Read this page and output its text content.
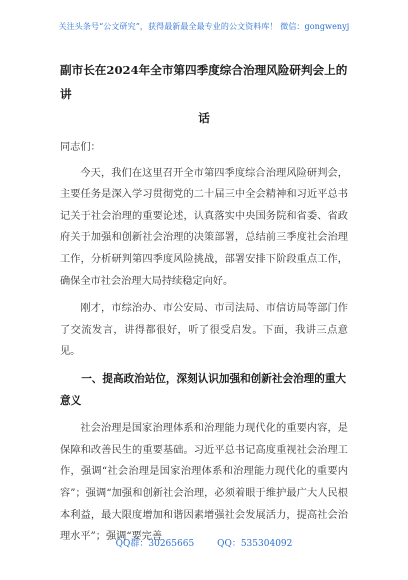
关注头条号“公文研究”，获得最新最全最专业的公文资料库！ 微信：gongwenyj
副市长在2024年全市第四季度综合治理风险研判会上的讲
话

同志们：

今天，我们在这里召开全市第四季度综合治理风险研判会，主要任务是深入学习贯彻党的二十届三中全会精神和习近平总书记关于社会治理的重要论述，认真落实中央国务院和省委、省政府关于加强和创新社会治理的决策部署，总结前三季度社会治理工作，分析研判第四季度风险挑战，部署安排下阶段重点工作，确保全市社会治理大局持续稳定向好。

刚才，市综治办、市公安局、市司法局、市信访局等部门作了交流发言，讲得都很好，听了很受启发。下面，我讲三点意见。

一、提高政治站位，深刻认识加强和创新社会治理的重大意义

社会治理是国家治理体系和治理能力现代化的重要内容，是保障和改善民生的重要基础。习近平总书记高度重视社会治理工作，强调“社会治理是国家治理体系和治理能力现代化的重要内容”；强调“加强和创新社会治理，必须着眼于维护最广大人民根本利益，最大限度增加和谐因素增强社会发展活力，提高社会治理水平”；强调“要完善

QQ群：30265665	QQ：535304092
